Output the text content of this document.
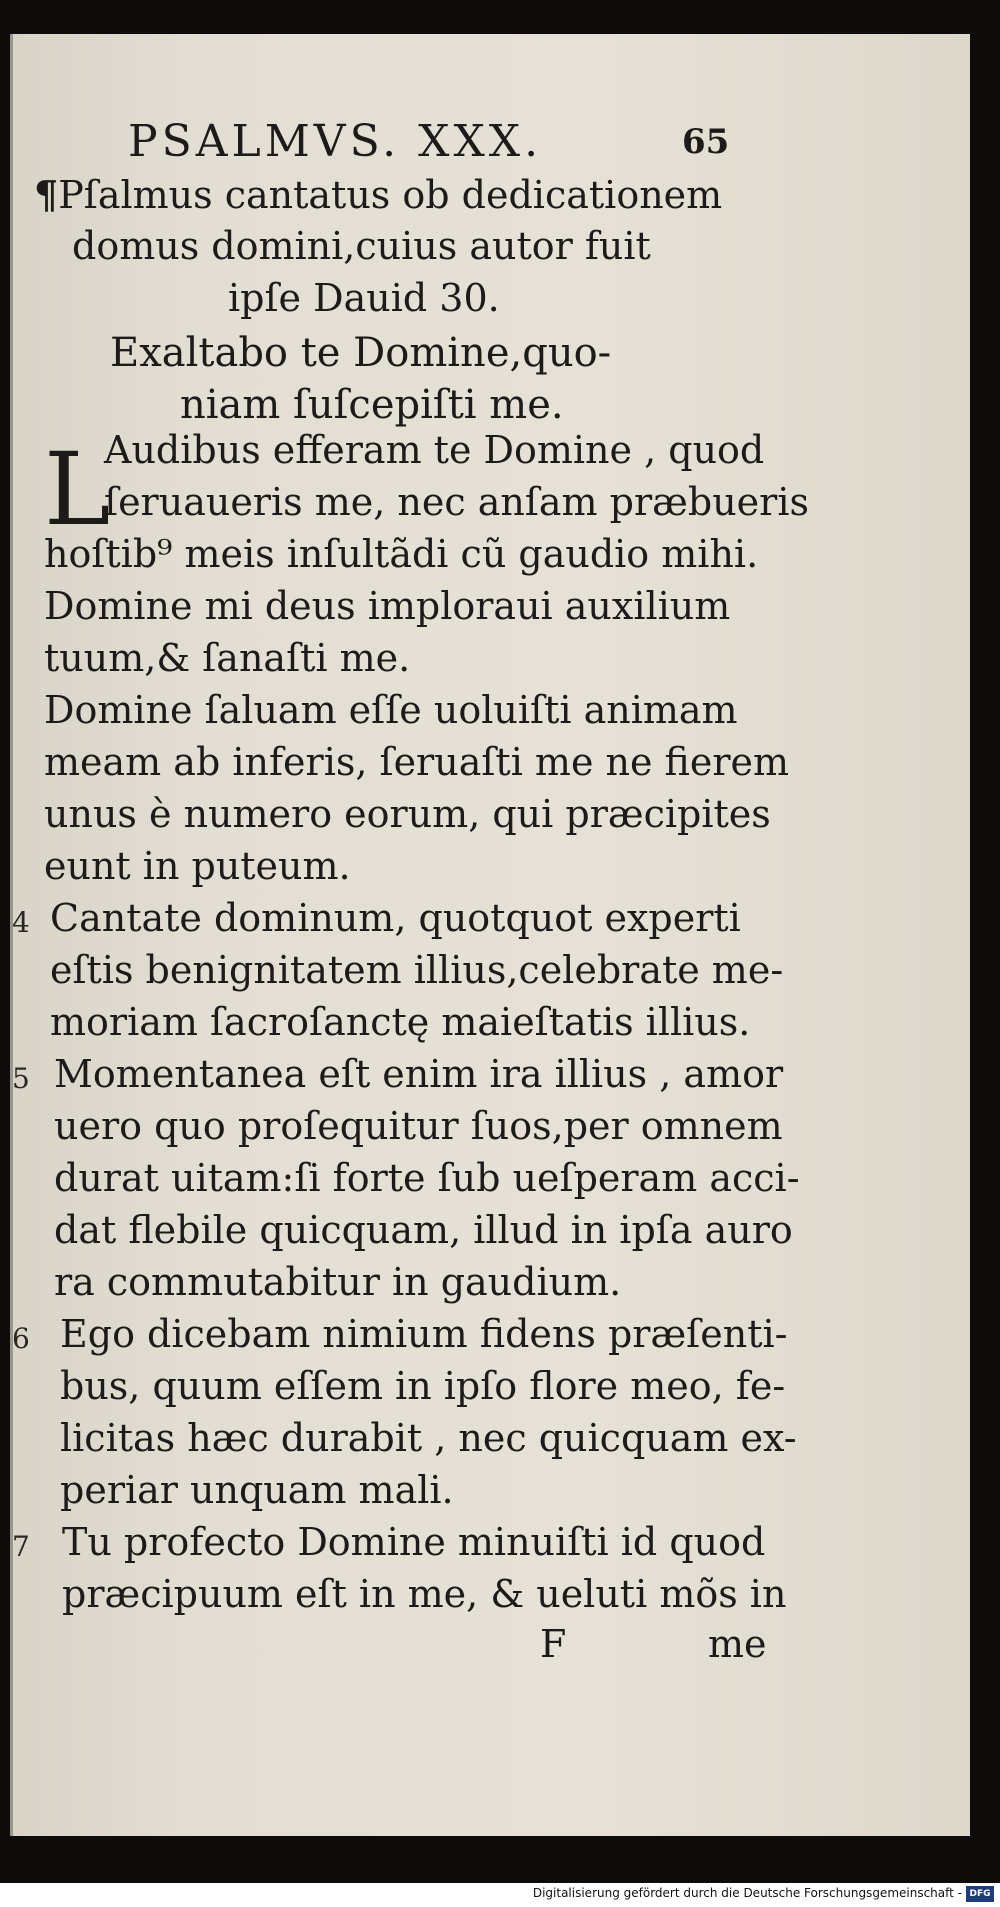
PSALMVS. XXX.	65
¶Pſalmus cantatus ob dedicationem
domus domini,cuius autor fuit
ipſe Dauid 30.
Exaltabo te Domine,quo-
niam ſuſcepiſti me.
L
Audibus efferam te Domine , quod
ſeruaueris me, nec anſam præbueris
hoſtib⁹ meis inſultãdi cũ gaudio mihi.
Domine mi deus imploraui auxilium
tuum,& ſanaſti me.
Domine ſaluam eſſe uoluiſti animam
meam ab inferis, ſeruaſti me ne fierem
unus è numero eorum, qui præcipites
eunt in puteum.
4 Cantate dominum, quotquot experti
eſtis benignitatem illius,celebrate me-
moriam ſacroſanctę maieſtatis illius.
5 Momentanea eſt enim ira illius , amor
uero quo proſequitur ſuos,per omnem
durat uitam:ſi forte ſub ueſperam acci-
dat flebile quicquam, illud in ipſa auro
ra commutabitur in gaudium.
6 Ego dicebam nimium fidens præſenti-
bus, quum eſſem in ipſo flore meo, fe-
licitas hæc durabit , nec quicquam ex-
periar unquam mali.
7 Tu profecto Domine minuiſti id quod
præcipuum eſt in me, & ueluti mõs in
F	me
Digitalisierung gefördert durch die Deutsche Forschungsgemeinschaft - DFG
